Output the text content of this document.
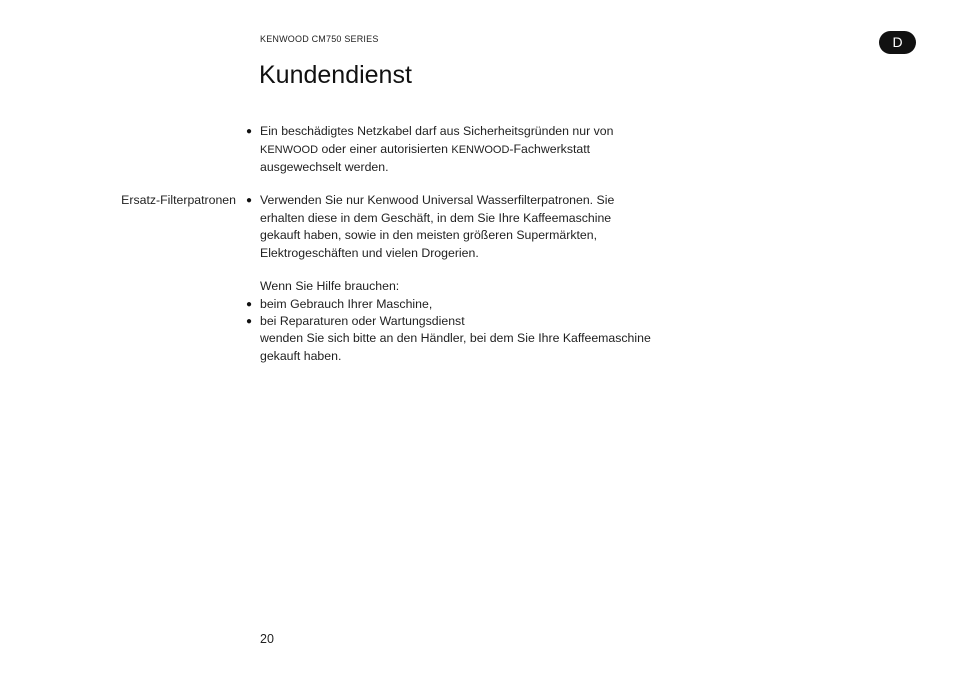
KENWOOD CM750 SERIES	D
Kundendienst
● Ein beschädigtes Netzkabel darf aus Sicherheitsgründen nur von

KENWOOD oder einer autorisierten KENWOOD-Fachwerkstatt

ausgewechselt werden.

Ersatz-Filterpatronen ● Verwenden Sie nur Kenwood Universal Wasserfilterpatronen. Sie

erhalten diese in dem Geschäft, in dem Sie Ihre Kaffeemaschine

gekauft haben, sowie in den meisten größeren Supermärkten,

Elektrogeschäften und vielen Drogerien.

Wenn Sie Hilfe brauchen:
● beim Gebrauch Ihrer Maschine,
● bei Reparaturen oder Wartungsdienst

wenden Sie sich bitte an den Händler, bei dem Sie Ihre Kaffeemaschine

gekauft haben.

20
